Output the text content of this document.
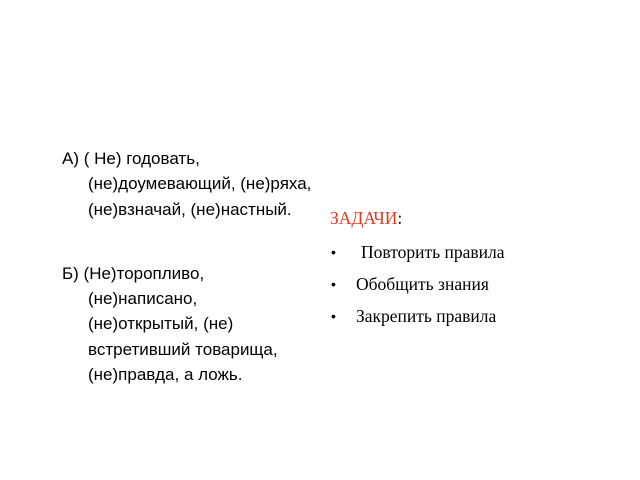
А) ( Не) годовать, (не)доумевающий, (не)ряха, (не)взначай, (не)настный.

Б) (Не)торопливо, (не)написано, (не)открытый, (не) встретивший товарища, (не)правда, а ложь.

ЗАДАЧИ:

• Повторить правила
• Обобщить знания
• Закрепить правила
